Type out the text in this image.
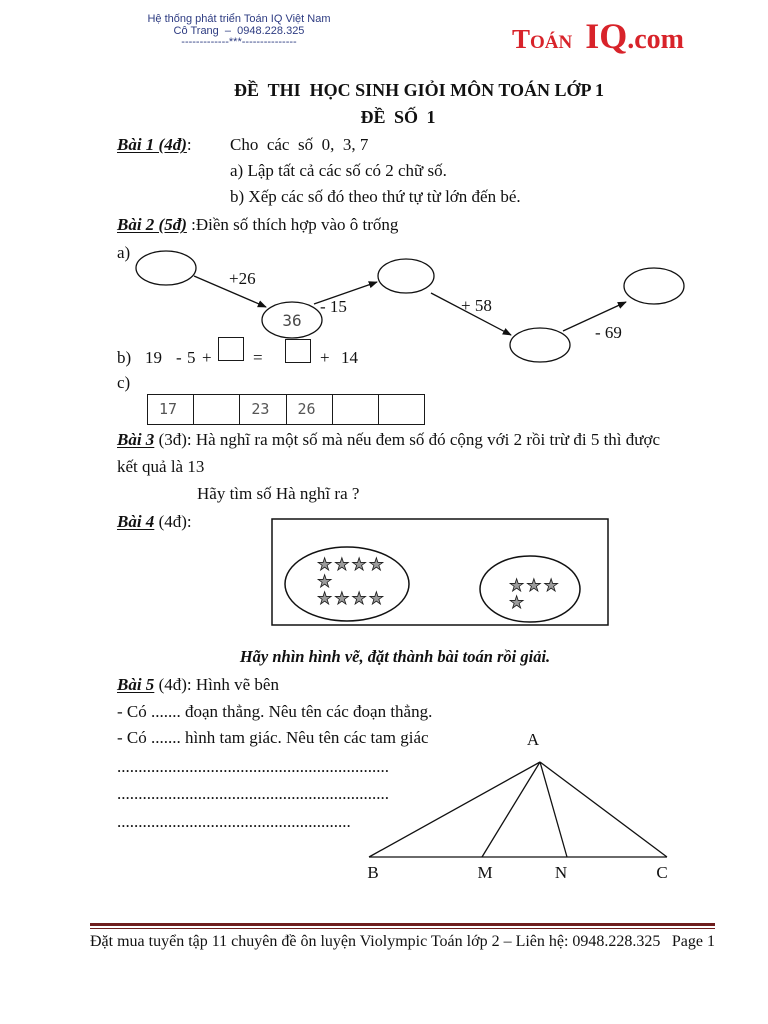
+26
- 15	+ 58
- 69
36
A
B	M	N	C
Hệ thống phát triển Toán IQ Việt Nam
Cô Trang  –  0948.228.325
-------------***---------------	Toán IQ .com
ĐỀ  THI  HỌC SINH GIỎI MÔN TOÁN LỚP 1
ĐỀ SỐ 1
Bài 1 (4đ): Cho  các  số  0,  3, 7
a) Lập tất cả các số có 2 chữ số.
b) Xếp các số đó theo thứ tự từ lớn đến bé.
Bài 2 (5đ) :Điền số thích hợp vào ô trống
a)
b) 19 - 5 + =	+ 14
c)
17	23	26
Bài 3 (3đ): Hà nghĩ ra một số mà nếu đem số đó cộng với 2 rồi trừ đi 5 thì được
kết quả là 13
Hãy tìm số Hà nghĩ ra ?
Bài 4 (4đ):
★★★★
★
★★★★
★★★
★
Hãy nhìn hình vẽ, đặt thành bài toán rồi giải.
Bài 5 (4đ): Hình vẽ bên
- Có ....... đoạn thẳng. Nêu tên các đoạn thẳng.
- Có ....... hình tam giác. Nêu tên các tam giác
................................................................
................................................................
.......................................................
Đặt mua tuyển tập 11 chuyên đề ôn luyện Violympic Toán lớp 2 – Liên hệ: 0948.228.325 Page 1
